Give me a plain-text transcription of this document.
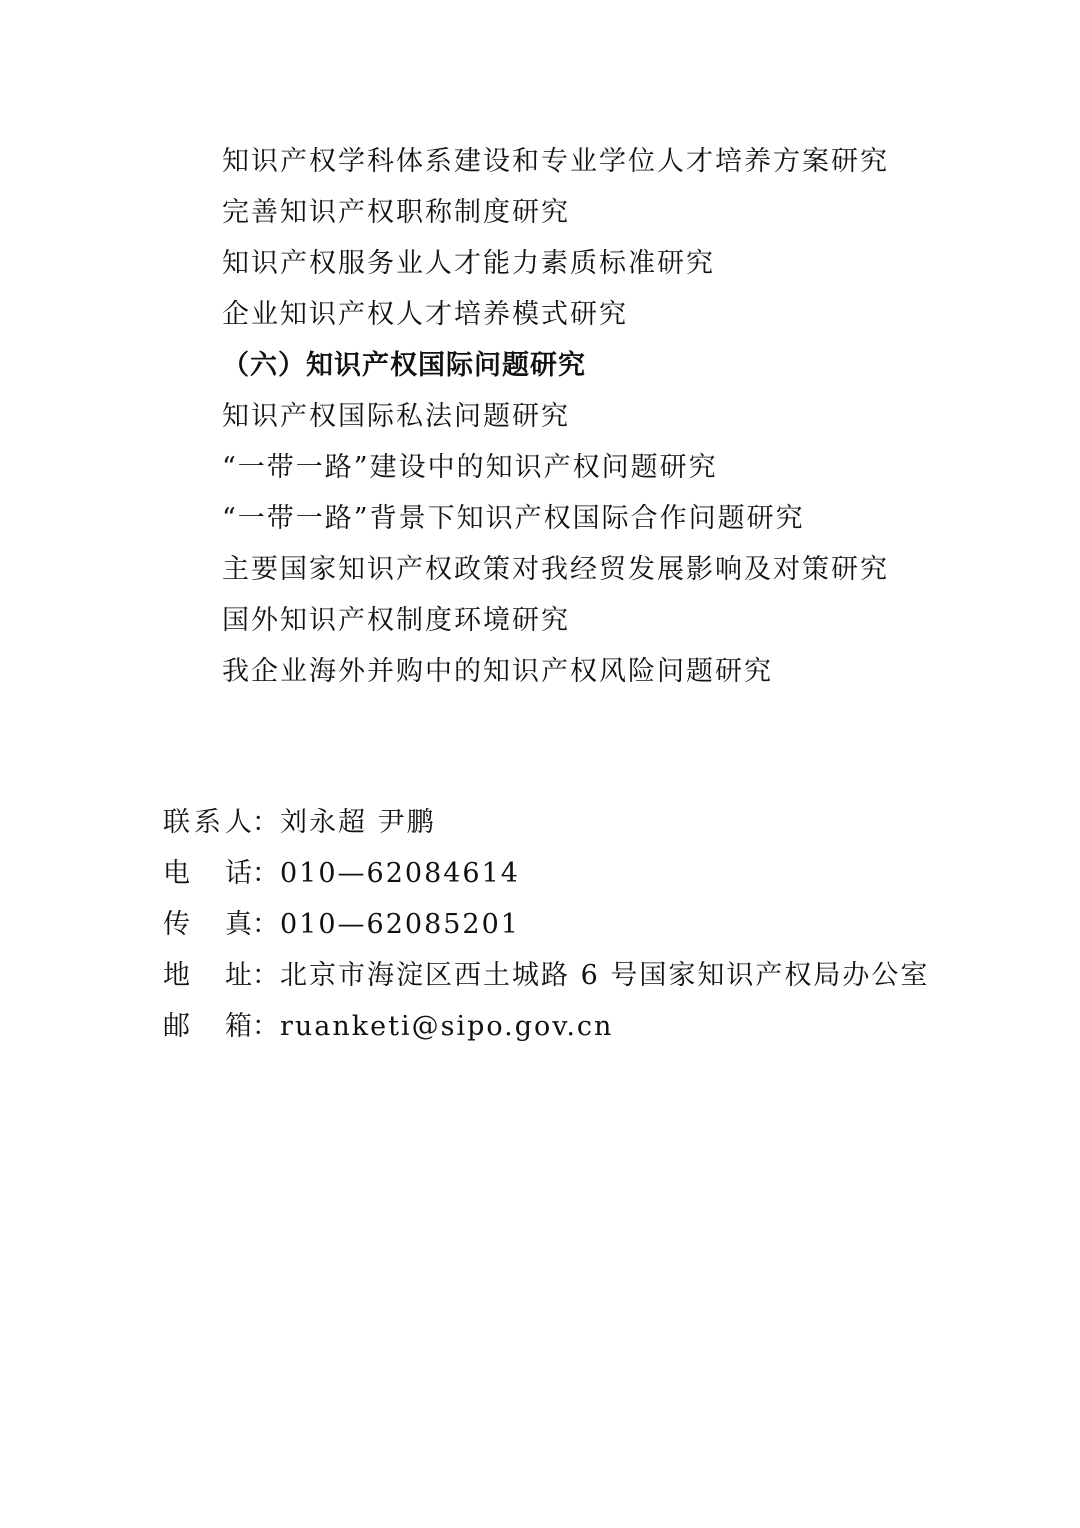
知识产权学科体系建设和专业学位人才培养方案研究
完善知识产权职称制度研究
知识产权服务业人才能力素质标准研究
企业知识产权人才培养模式研究
（六）知识产权国际问题研究
知识产权国际私法问题研究
“一带一路”建设中的知识产权问题研究
“一带一路”背景下知识产权国际合作问题研究
主要国家知识产权政策对我经贸发展影响及对策研究
国外知识产权制度环境研究
我企业海外并购中的知识产权风险问题研究
联系人 ： 刘永超 尹鹏
电 话 ： 010—62084614
传 真 ： 010—62085201
地 址 ： 北京市海淀区西土城路 6 号国家知识产权局办公室
邮 箱 ： ruanketi@sipo.gov.cn
